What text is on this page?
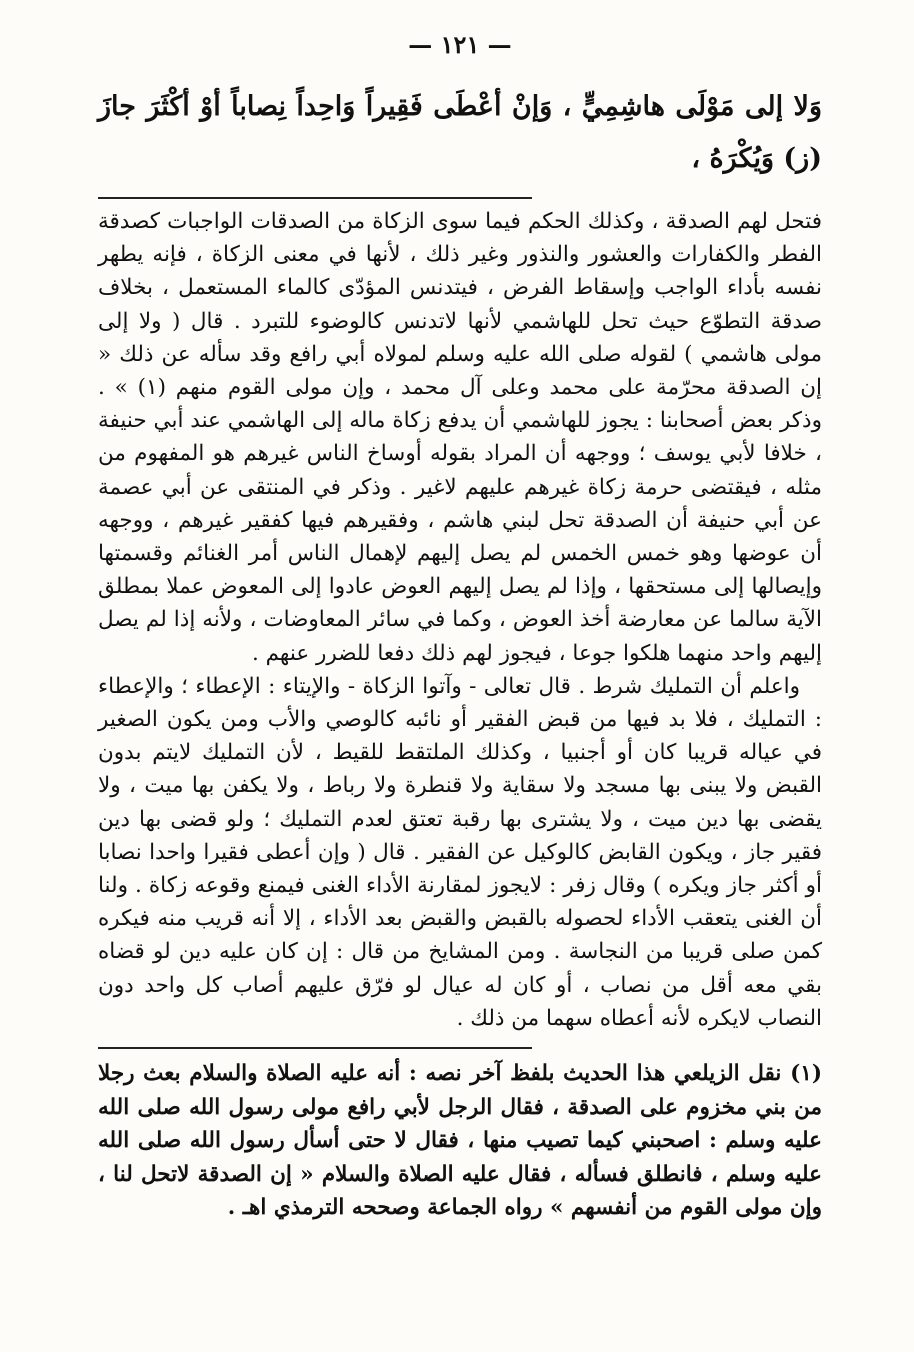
— ١٢١ —

وَلا إلى مَوْلَى هاشِمِيٍّ ، وَإنْ أعْطَى فَقِيراً وَاحِداً نِصاباً أوْ أكْثَرَ جازَ (ز) وَيُكْرَهُ ،

فتحل لهم الصدقة ، وكذلك الحكم فيما سوى الزكاة من الصدقات الواجبات كصدقة الفطر والكفارات والعشور والنذور وغير ذلك ، لأنها في معنى الزكاة ، فإنه يطهر نفسه بأداء الواجب وإسقاط الفرض ، فيتدنس المؤدّى كالماء المستعمل ، بخلاف صدقة التطوّع حيث تحل للهاشمي لأنها لاتدنس كالوضوء للتبرد . قال ( ولا إلى مولى هاشمي ) لقوله صلى الله عليه وسلم لمولاه أبي رافع وقد سأله عن ذلك « إن الصدقة محرّمة على محمد وعلى آل محمد ، وإن مولى القوم منهم (١) » . وذكر بعض أصحابنا : يجوز للهاشمي أن يدفع زكاة ماله إلى الهاشمي عند أبي حنيفة ، خلافا لأبي يوسف ؛ ووجهه أن المراد بقوله أوساخ الناس غيرهم هو المفهوم من مثله ، فيقتضى حرمة زكاة غيرهم عليهم لاغير . وذكر في المنتقى عن أبي عصمة عن أبي حنيفة أن الصدقة تحل لبني هاشم ، وفقيرهم فيها كفقير غيرهم ، ووجهه أن عوضها وهو خمس الخمس لم يصل إليهم لإهمال الناس أمر الغنائم وقسمتها وإيصالها إلى مستحقها ، وإذا لم يصل إليهم العوض عادوا إلى المعوض عملا بمطلق الآية سالما عن معارضة أخذ العوض ، وكما في سائر المعاوضات ، ولأنه إذا لم يصل إليهم واحد منهما هلكوا جوعا ، فيجوز لهم ذلك دفعا للضرر عنهم .

واعلم أن التمليك شرط . قال تعالى - وآتوا الزكاة - والإيتاء : الإعطاء ؛ والإعطاء : التمليك ، فلا بد فيها من قبض الفقير أو نائبه كالوصي والأب ومن يكون الصغير في عياله قريبا كان أو أجنبيا ، وكذلك الملتقط للقيط ، لأن التمليك لايتم بدون القبض ولا يبنى بها مسجد ولا سقاية ولا قنطرة ولا رباط ، ولا يكفن بها ميت ، ولا يقضى بها دين ميت ، ولا يشترى بها رقبة تعتق لعدم التمليك ؛ ولو قضى بها دين فقير جاز ، ويكون القابض كالوكيل عن الفقير . قال ( وإن أعطى فقيرا واحدا نصابا أو أكثر جاز ويكره ) وقال زفر : لايجوز لمقارنة الأداء الغنى فيمنع وقوعه زكاة . ولنا أن الغنى يتعقب الأداء لحصوله بالقبض والقبض بعد الأداء ، إلا أنه قريب منه فيكره كمن صلى قريبا من النجاسة . ومن المشايخ من قال : إن كان عليه دين لو قضاه بقي معه أقل من نصاب ، أو كان له عيال لو فرّق عليهم أصاب كل واحد دون النصاب لايكره لأنه أعطاه سهما من ذلك .

(١) نقل الزيلعي هذا الحديث بلفظ آخر نصه : أنه عليه الصلاة والسلام بعث رجلا من بني مخزوم على الصدقة ، فقال الرجل لأبي رافع مولى رسول الله صلى الله عليه وسلم : اصحبني كيما تصيب منها ، فقال لا حتى أسأل رسول الله صلى الله عليه وسلم ، فانطلق فسأله ، فقال عليه الصلاة والسلام « إن الصدقة لاتحل لنا ، وإن مولى القوم من أنفسهم » رواه الجماعة وصححه الترمذي اهـ .
